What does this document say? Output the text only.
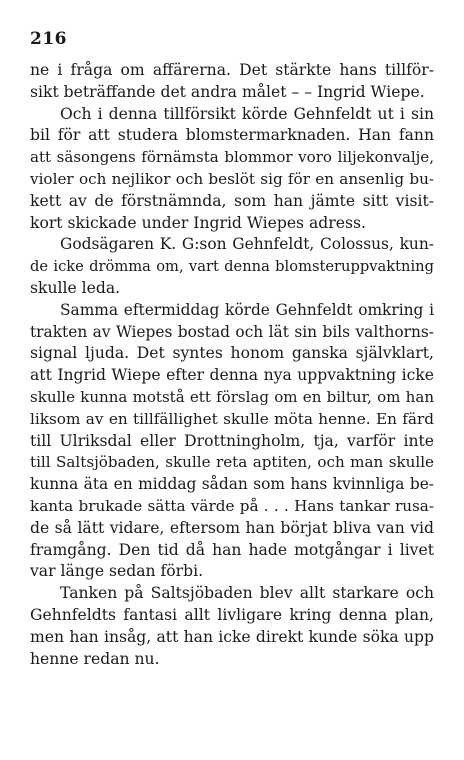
216
ne i fråga om affärerna. Det stärkte hans tillför-
sikt beträffande det andra målet – – Ingrid Wiepe.
Och i denna tillförsikt körde Gehnfeldt ut i sin
bil för att studera blomstermarknaden. Han fann
att säsongens förnämsta blommor voro liljekonvalje,
violer och nejlikor och beslöt sig för en ansenlig bu-
kett av de förstnämnda, som han jämte sitt visit-
kort skickade under Ingrid Wiepes adress.
Godsägaren K. G:son Gehnfeldt, Colossus, kun-
de icke drömma om, vart denna blomsteruppvaktning
skulle leda.
Samma eftermiddag körde Gehnfeldt omkring i
trakten av Wiepes bostad och lät sin bils valthorns-
signal ljuda. Det syntes honom ganska självklart,
att Ingrid Wiepe efter denna nya uppvaktning icke
skulle kunna motstå ett förslag om en biltur, om han
liksom av en tillfällighet skulle möta henne. En färd
till Ulriksdal eller Drottningholm, tja, varför inte
till Saltsjöbaden, skulle reta aptiten, och man skulle
kunna äta en middag sådan som hans kvinnliga be-
kanta brukade sätta värde på . . . Hans tankar rusa-
de så lätt vidare, eftersom han börjat bliva van vid
framgång. Den tid då han hade motgångar i livet
var länge sedan förbi.
Tanken på Saltsjöbaden blev allt starkare och
Gehnfeldts fantasi allt livligare kring denna plan,
men han insåg, att han icke direkt kunde söka upp
henne redan nu.
